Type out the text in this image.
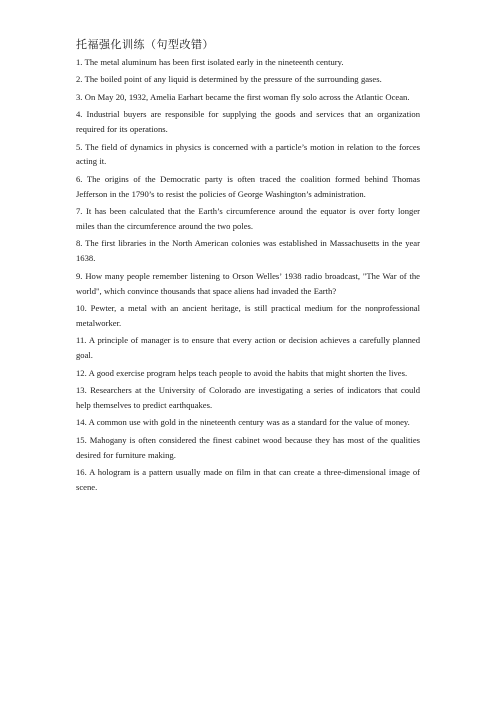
托福强化训练（句型改错）
1. The metal aluminum has been first isolated early in the nineteenth century.
2. The boiled point of any liquid is determined by the pressure of the surrounding gases.
3. On May 20, 1932, Amelia Earhart became the first woman fly solo across the Atlantic Ocean.
4. Industrial buyers are responsible for supplying the goods and services that an organization required for its operations.
5. The field of dynamics in physics is concerned with a particle’s motion in relation to the forces acting it.
6. The origins of the Democratic party is often traced the coalition formed behind Thomas Jefferson in the 1790’s to resist the policies of George Washington’s administration.
7. It has been calculated that the Earth’s circumference around the equator is over forty longer miles than the circumference around the two poles.
8. The first libraries in the North American colonies was established in Massachusetts in the year 1638.
9. How many people remember listening to Orson Welles’ 1938 radio broadcast, "The War of the world", which convince thousands that space aliens had invaded the Earth?
10. Pewter, a metal with an ancient heritage, is still practical medium for the nonprofessional metalworker.
11. A principle of manager is to ensure that every action or decision achieves a carefully planned goal.
12. A good exercise program helps teach people to avoid the habits that might shorten the lives.
13. Researchers at the University of Colorado are investigating a series of indicators that could help themselves to predict earthquakes.
14. A common use with gold in the nineteenth century was as a standard for the value of money.
15. Mahogany is often considered the finest cabinet wood because they has most of the qualities desired for furniture making.
16. A hologram is a pattern usually made on film in that can create a three-dimensional image of scene.
